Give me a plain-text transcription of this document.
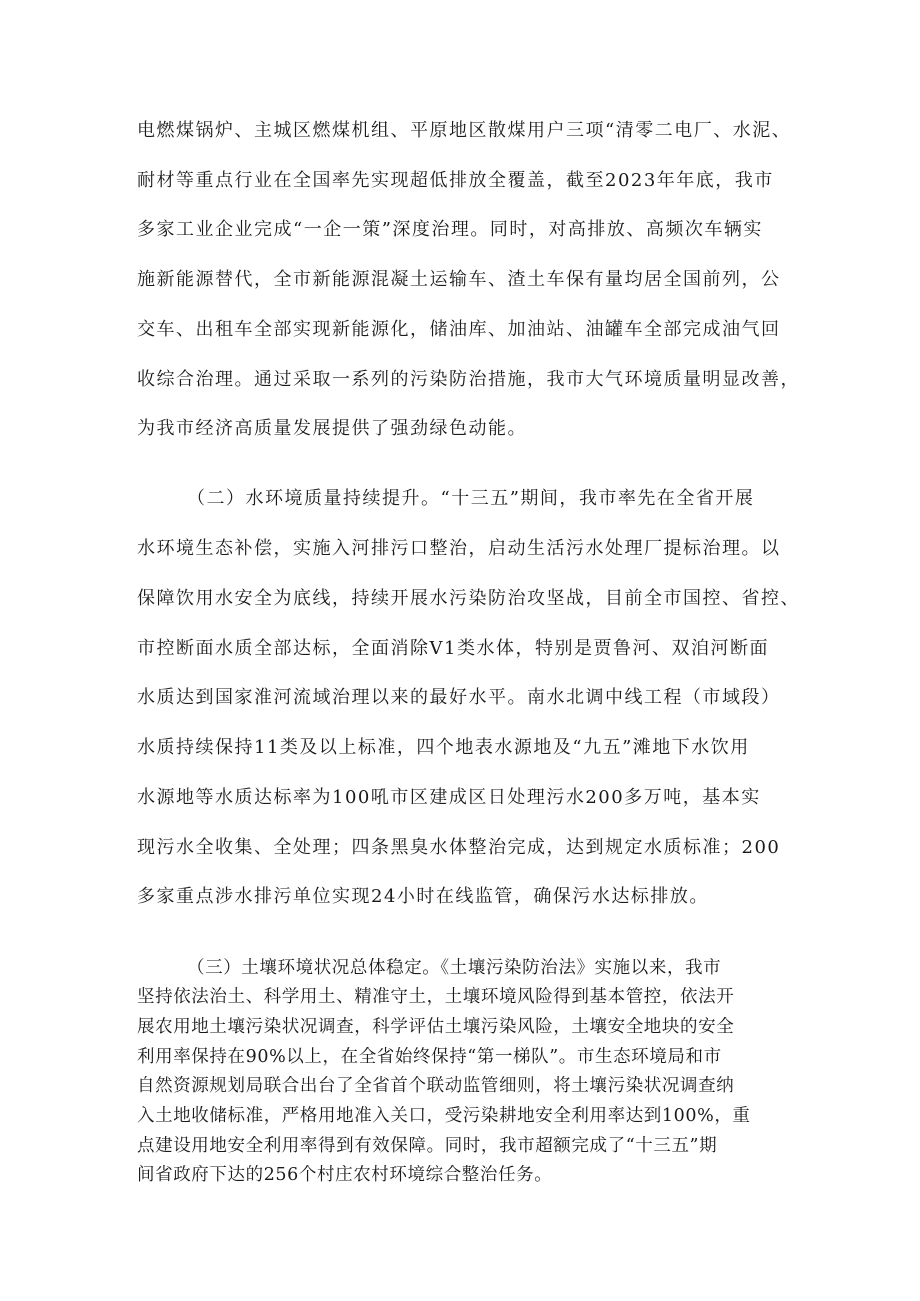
电燃煤锅炉、主城区燃煤机组、平原地区散煤用户三项“清零二电厂、水泥、
耐材等重点行业在全国率先实现超低排放全覆盖，截至2023年年底，我市
多家工业企业完成“一企一策”深度治理。同时，对高排放、高频次车辆实
施新能源替代，全市新能源混凝土运输车、渣土车保有量均居全国前列，公
交车、出租车全部实现新能源化，储油库、加油站、油罐车全部完成油气回
收综合治理。通过采取一系列的污染防治措施，我市大气环境质量明显改善，
为我市经济高质量发展提供了强劲绿色动能。
（二）水环境质量持续提升。“十三五”期间，我市率先在全省开展
水环境生态补偿，实施入河排污口整治，启动生活污水处理厂提标治理。以
保障饮用水安全为底线，持续开展水污染防治攻坚战，目前全市国控、省控、
市控断面水质全部达标，全面消除V1类水体，特别是贾鲁河、双洎河断面
水质达到国家淮河流域治理以来的最好水平。南水北调中线工程（市域段）
水质持续保持11类及以上标准，四个地表水源地及“九五”滩地下水饮用
水源地等水质达标率为100吼市区建成区日处理污水200多万吨，基本实
现污水全收集、全处理；四条黑臭水体整治完成，达到规定水质标准；200
多家重点涉水排污单位实现24小时在线监管，确保污水达标排放。
（三）土壤环境状况总体稳定。《土壤污染防治法》实施以来，我市
坚持依法治土、科学用土、精准守土，土壤环境风险得到基本管控，依法开
展农用地土壤污染状况调查，科学评估土壤污染风险，土壤安全地块的安全
利用率保持在90%以上，在全省始终保持“第一梯队”。市生态环境局和市
自然资源规划局联合出台了全省首个联动监管细则，将土壤污染状况调查纳
入土地收储标准，严格用地准入关口，受污染耕地安全利用率达到100%，重
点建设用地安全利用率得到有效保障。同时，我市超额完成了“十三五”期
间省政府下达的256个村庄农村环境综合整治任务。
